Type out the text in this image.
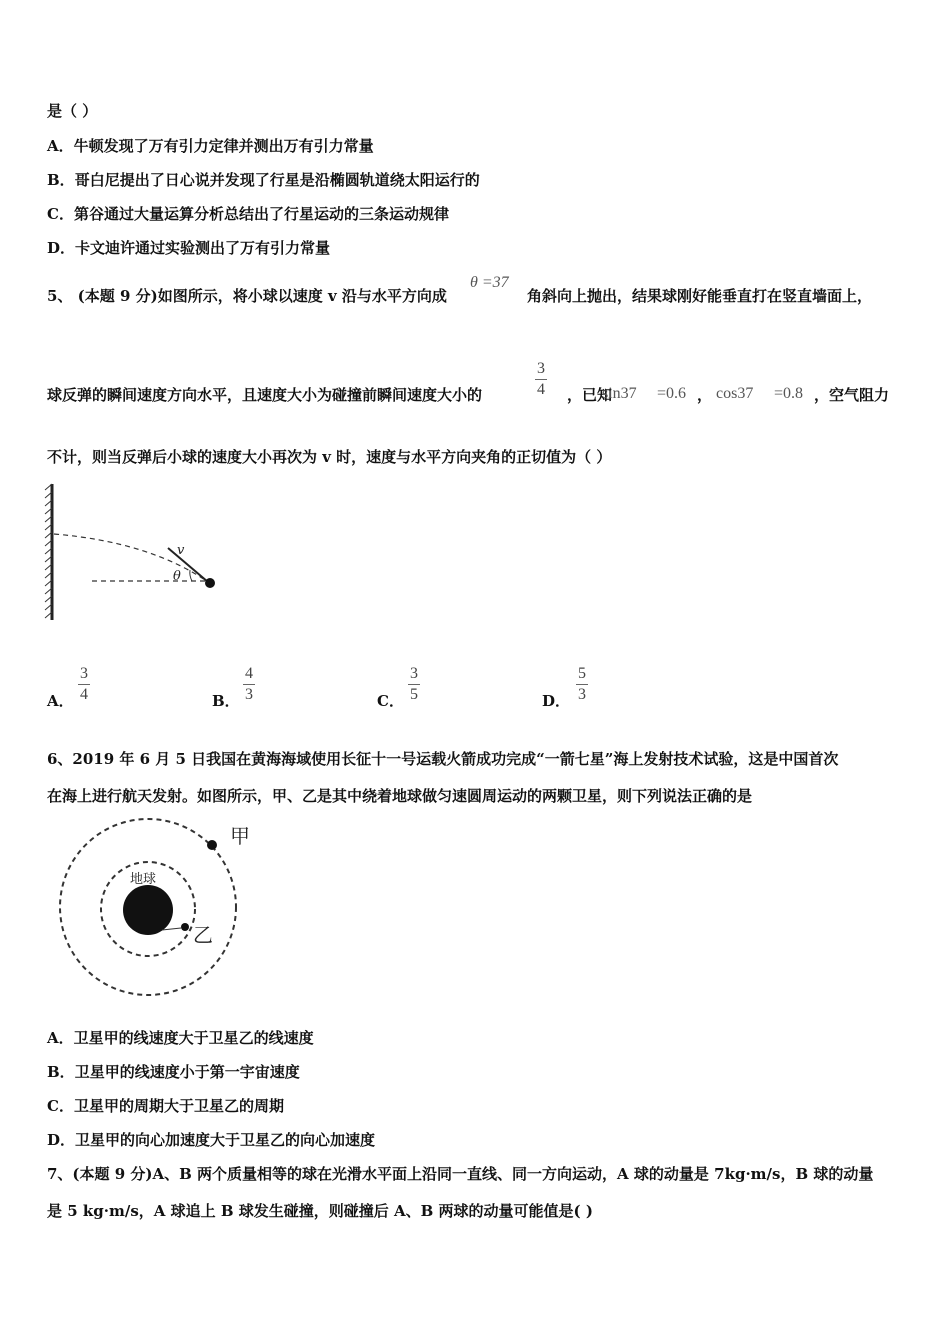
是（ ）
A．牛顿发现了万有引力定律并测出万有引力常量
B．哥白尼提出了日心说并发现了行星是沿椭圆轨道绕太阳运行的
C．第谷通过大量运算分析总结出了行星运动的三条运动规律
D．卡文迪许通过实验测出了万有引力常量
5、 (本题 9 分)如图所示，将小球以速度 v 沿与水平方向成
θ =37
角斜向上抛出，结果球刚好能垂直打在竖直墙面上，
球反弹的瞬间速度方向水平，且速度大小为碰撞前瞬间速度大小的
3
4 ，已知
sin37 =0.6 ， cos37 =0.8 ，空气阻力
不计，则当反弹后小球的速度大小再次为 v 时，速度与水平方向夹角的正切值为（ ）
v
θ
A．
3
4	B．
4
3	C．
3
5	D．
5
3
6、2019 年 6 月 5 日我国在黄海海域使用长征十一号运载火箭成功完成“一箭七星”海上发射技术试验，这是中国首次
在海上进行航天发射。如图所示，甲、乙是其中绕着地球做匀速圆周运动的两颗卫星，则下列说法正确的是
甲
乙
地球
A．卫星甲的线速度大于卫星乙的线速度
B．卫星甲的线速度小于第一宇宙速度
C．卫星甲的周期大于卫星乙的周期
D．卫星甲的向心加速度大于卫星乙的向心加速度
7、(本题 9 分)A、B 两个质量相等的球在光滑水平面上沿同一直线、同一方向运动，A 球的动量是 7kg·m/s，B 球的动量
是 5 kg·m/s，A 球追上 B 球发生碰撞，则碰撞后 A、B 两球的动量可能值是( )
